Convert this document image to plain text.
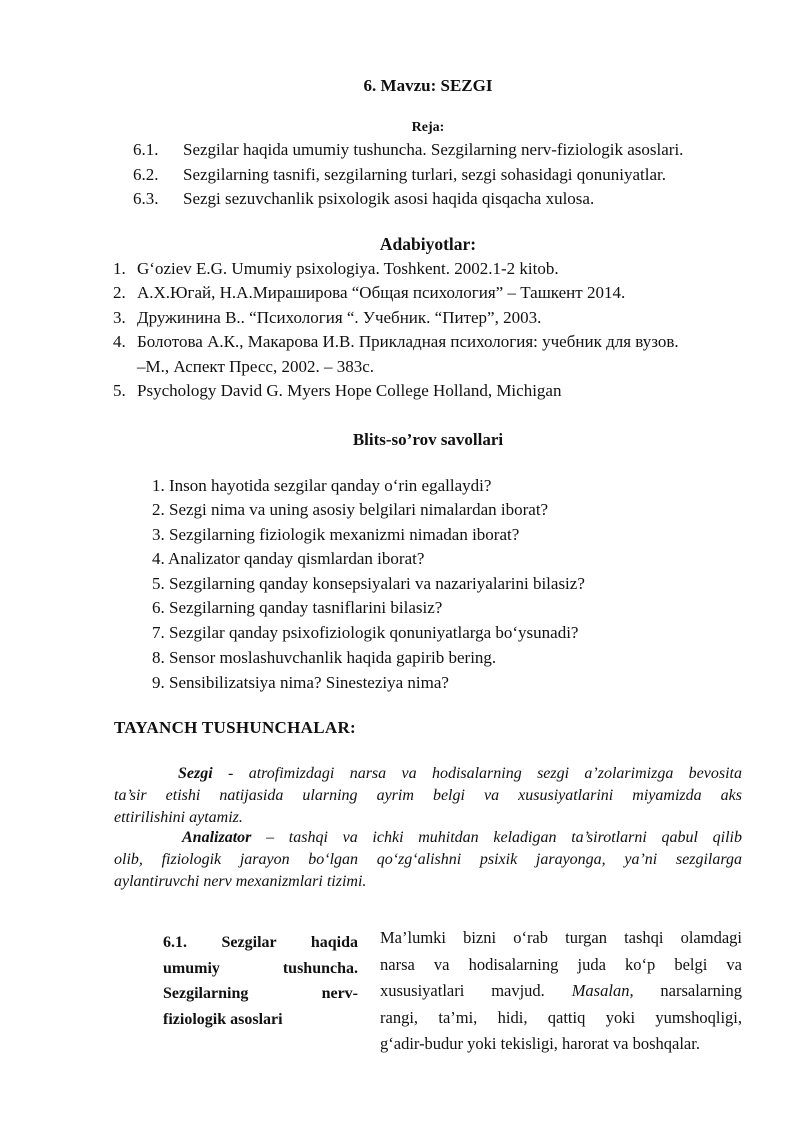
6. Mavzu: SEZGI
Reja:
6.1. Sezgilar haqida umumiy tushuncha. Sezgilarning nerv-fiziologik asoslari.
6.2. Sezgilarning tasnifi, sezgilarning turlari, sezgi sohasidagi qonuniyatlar.
6.3. Sezgi sezuvchanlik psixologik asosi haqida qisqacha xulosa.
Adabiyotlar:
1. G‘oziev E.G. Umumiy psixologiya. Toshkent. 2002.1-2 kitob.
2. А.Х.Югай, Н.А.Мираширова “Общая психология” – Ташкент 2014.
3. Дружинина В.. “Психология “. Учебник. “Питер”, 2003.
4. Болотова А.К., Макарова И.В. Прикладная психология: учебник для вузов.
–М., Аспект Пресс, 2002. – 383с.
5. Psychology David G. Myers Hope College Holland, Michigan
Blits-so’rov savollari
1. Inson hayotida sezgilar qanday o‘rin egallaydi?
2. Sezgi nima va uning asosiy belgilari nimalardan iborat?
3. Sezgilarning fiziologik mexanizmi nimadan iborat?
4. Analizator qanday qismlardan iborat?
5. Sezgilarning qanday konsepsiyalari va nazariyalarini bilasiz?
6. Sezgilarning qanday tasniflarini bilasiz?
7. Sezgilar qanday psixofiziologik qonuniyatlarga bo‘ysunadi?
8. Sensor moslashuvchanlik haqida gapirib bering.
9. Sensibilizatsiya nima? Sinesteziya nima?
TAYANCH TUSHUNCHALAR:
Sezgi - atrofimizdagi narsa va hodisalarning sezgi a’zolarimizga bevosita
ta’sir etishi natijasida ularning ayrim belgi va xususiyatlarini miyamizda aks
ettirilishini aytamiz.
Analizator – tashqi va ichki muhitdan keladigan ta’sirotlarni qabul qilib
olib, fiziologik jarayon bo‘lgan qo‘zg‘alishni psixik jarayonga, ya’ni sezgilarga
aylantiruvchi nerv mexanizmlari tizimi.
6.1. Sezgilar haqida
umumiy tushuncha.
Sezgilarning nerv-
fiziologik asoslari
Ma’lumki bizni o‘rab turgan tashqi olamdagi
narsa va hodisalarning juda ko‘p belgi va
xususiyatlari mavjud. Masalan, narsalarning
rangi, ta’mi, hidi, qattiq yoki yumshoqligi,
g‘adir-budur yoki tekisligi, harorat va boshqalar.
